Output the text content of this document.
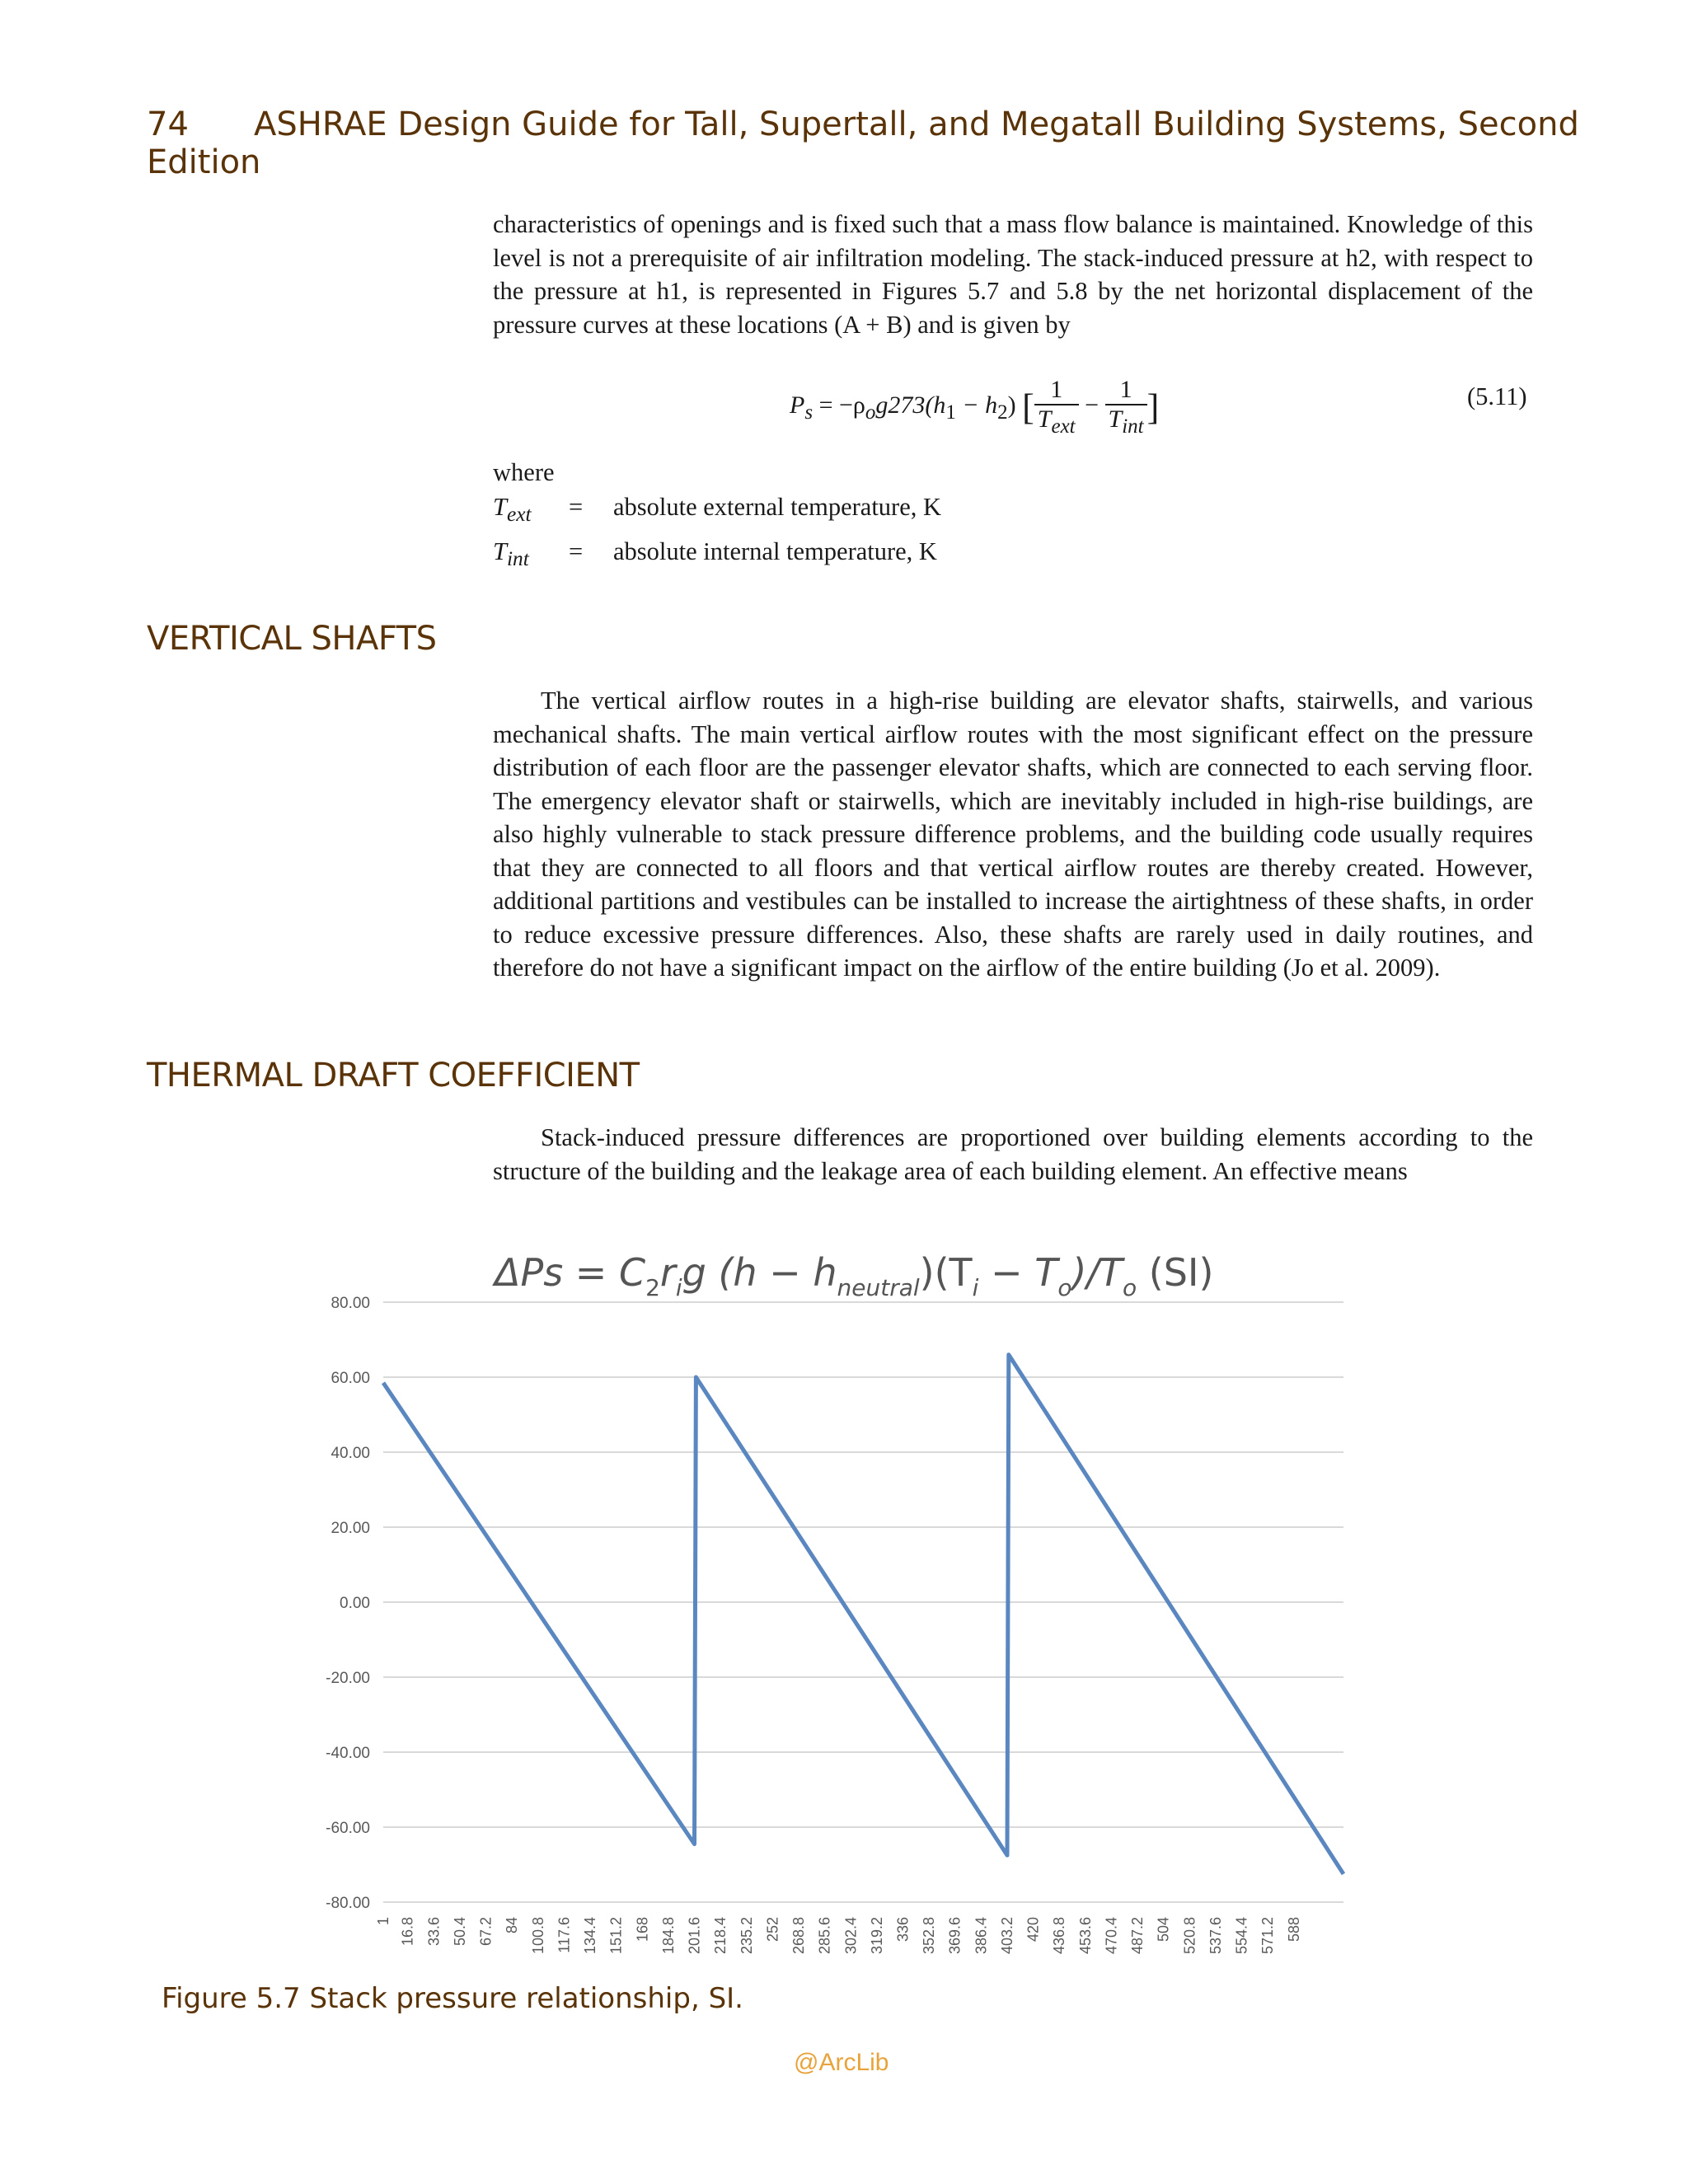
74 ASHRAE Design Guide for Tall, Supertall, and Megatall Building Systems, Second Edition

characteristics of openings and is fixed such that a mass flow balance is maintained. Knowledge of this level is not a prerequisite of air infiltration modeling. The stack-induced pressure at h2, with respect to the pressure at h1, is represented in Figures 5.7 and 5.8 by the net horizontal displacement of the pressure curves at these locations (A + B) and is given by

$P_s = -\rho_og273(h_1 - h_2)$ [ $\frac{1}{T_{ext}} - \frac{1}{T_{int}}$ ]	(5.11)
where
$T_{ext}$ = absolute external temperature, K
$T_{int}$ = absolute internal temperature, K
VERTICAL SHAFTS

The vertical airflow routes in a high-rise building are elevator shafts, stairwells, and various mechanical shafts. The main vertical airflow routes with the most significant effect on the pressure distribution of each floor are the passenger elevator shafts, which are connected to each serving floor. The emergency elevator shaft or stairwells, which are inevitably included in high-rise buildings, are also highly vulnerable to stack pressure difference problems, and the building code usually requires that they are connected to all floors and that vertical airflow routes are thereby created. However, additional partitions and vestibules can be installed to increase the airtightness of these shafts, in order to reduce excessive pressure differences. Also, these shafts are rarely used in daily routines, and therefore do not have a significant impact on the airflow of the entire building (Jo et al. 2009).

THERMAL DRAFT COEFFICIENT

Stack-induced pressure differences are proportioned over building elements according to the structure of the building and the leakage area of each building element. An effective means

$\Delta Ps = C_2r_ig$ $(h - h_{neutral})(T_i - T_o)/T_o$ (SI)
80.00
60.00
40.00
20.00
0.00
-20.00
-40.00
-60.00
-80.00
1 16.8 33.6 50.4 67.2 84 100.8 117.6 134.4 151.2 168 184.8 201.6 218.4 235.2 252 268.8 285.6 302.4 319.2 336 352.8 369.6 386.4 403.2 420 436.8 453.6 470.4 487.2 504 520.8 537.6 554.4 571.2 588
Figure 5.7 Stack pressure relationship, SI.
@ArcLib
